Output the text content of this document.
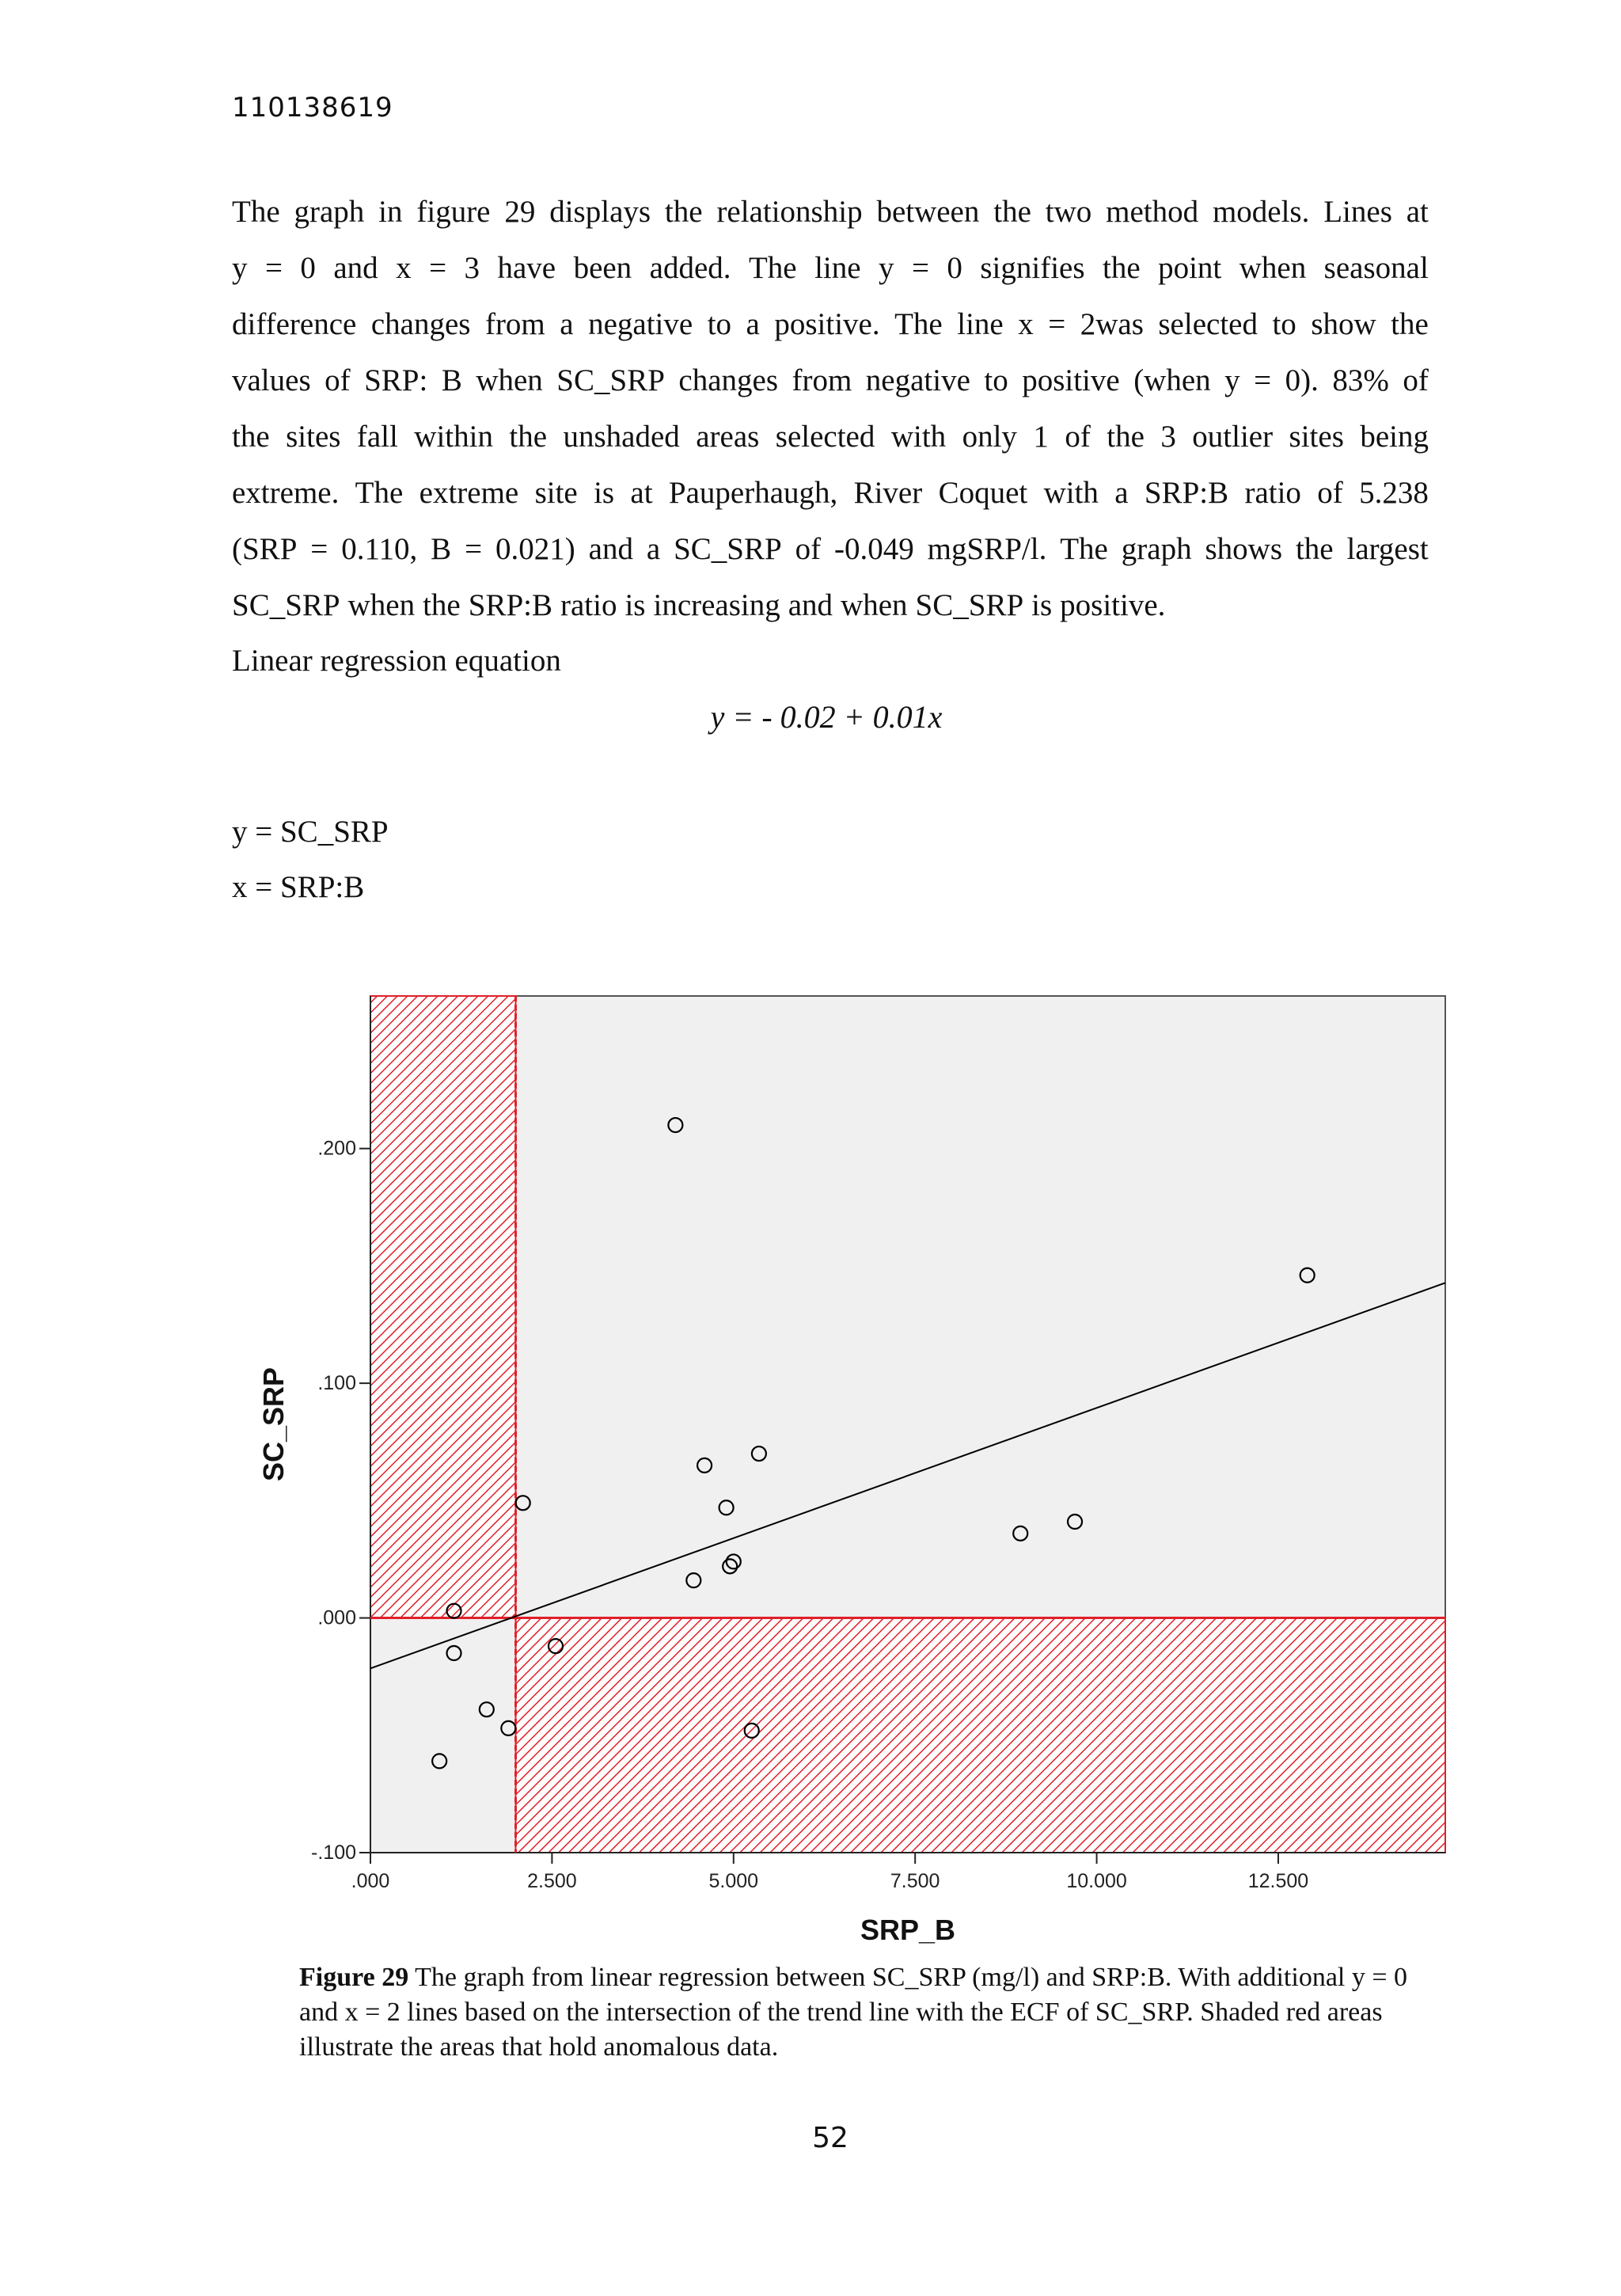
110138619
The graph in figure 29 displays the relationship between the two method models. Lines at
y = 0 and x = 3 have been added. The line y = 0 signifies the point when seasonal
difference changes from a negative to a positive. The line x = 2was selected to show the
values of SRP: B when SC_SRP changes from negative to positive (when y = 0). 83% of
the sites fall within the unshaded areas selected with only 1 of the 3 outlier sites being
extreme. The extreme site is at Pauperhaugh, River Coquet with a SRP:B ratio of 5.238
(SRP = 0.110, B = 0.021) and a SC_SRP of -0.049 mgSRP/l. The graph shows the largest
SC_SRP when the SRP:B ratio is increasing and when SC_SRP is positive.
Linear regression equation
y = - 0.02 + 0.01x
y = SC_SRP
x = SRP:B
-.100
.000
.100
.200
.000	2.500	5.000	7.500	10.000	12.500
SRP_B
SC_SRP
Figure 29 The graph from linear regression between SC_SRP (mg/l) and SRP:B. With additional y = 0 and x = 2 lines based on the intersection of the trend line with the ECF of SC_SRP. Shaded red areas illustrate the areas that hold anomalous data.
52
